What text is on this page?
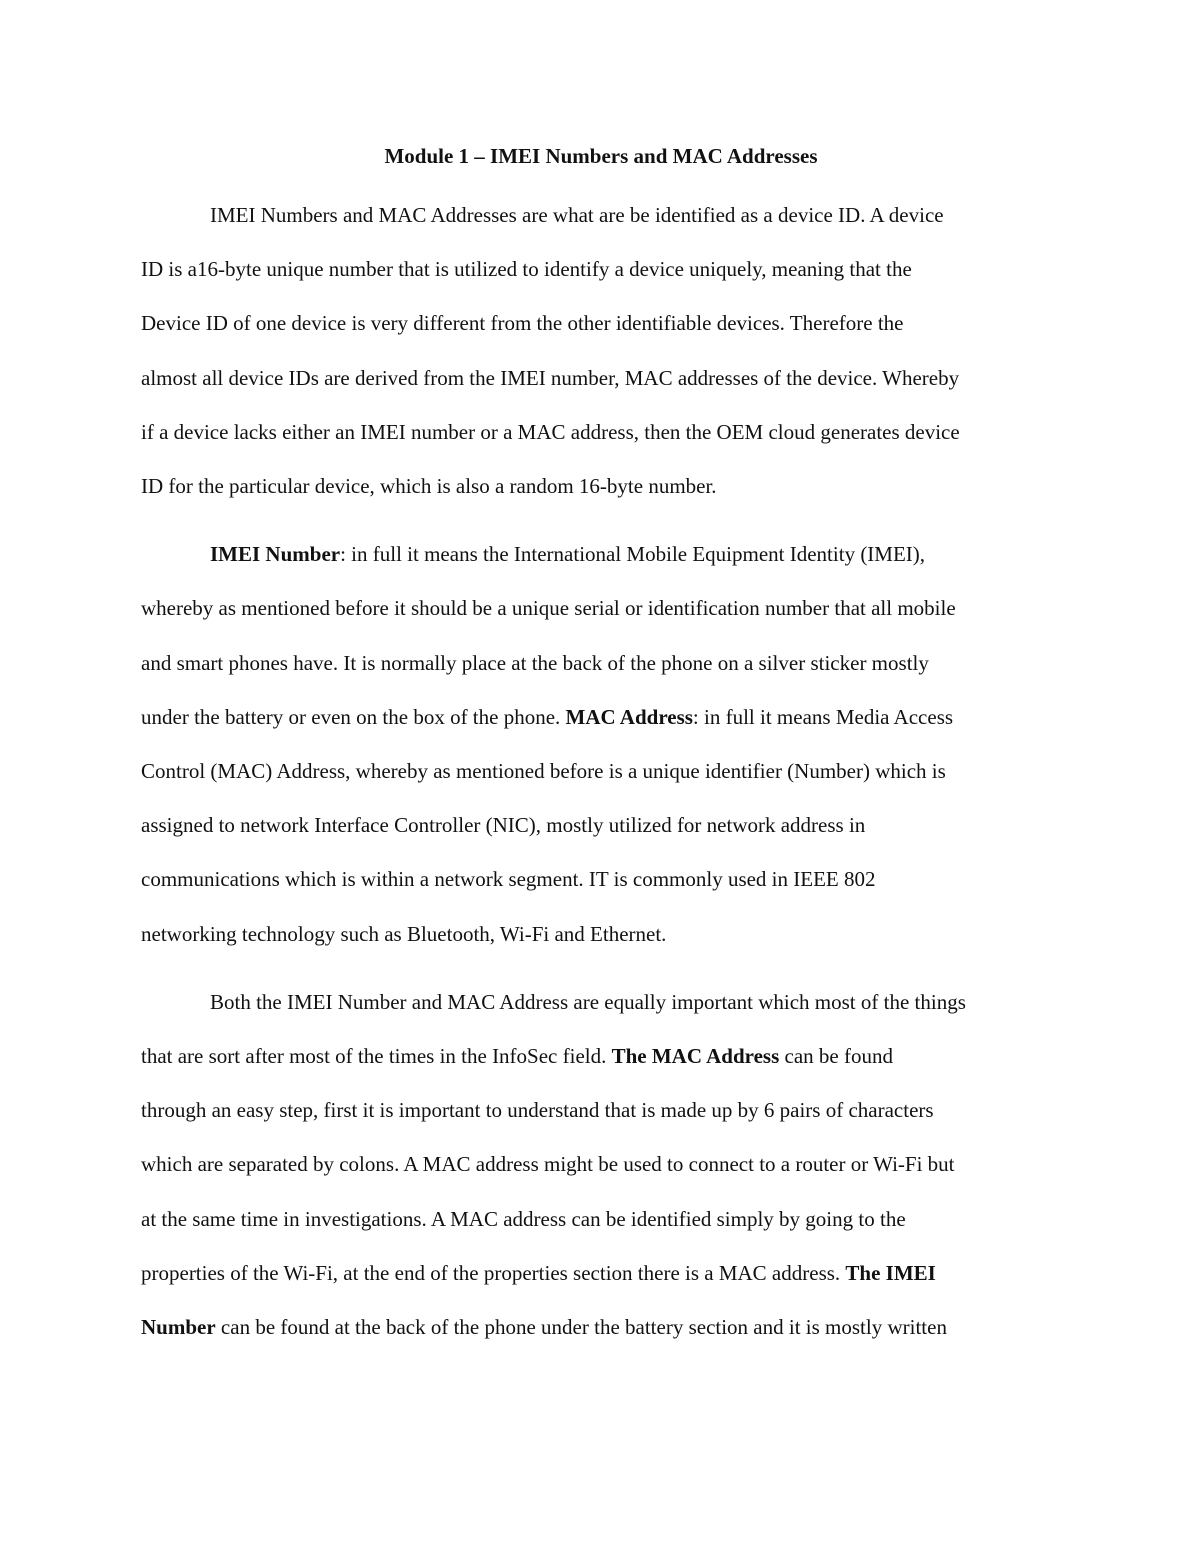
Module 1 – IMEI Numbers and MAC Addresses
IMEI Numbers and MAC Addresses are what are be identified as a device ID. A device
ID is a16-byte unique number that is utilized to identify a device uniquely, meaning that the
Device ID of one device is very different from the other identifiable devices. Therefore the
almost all device IDs are derived from the IMEI number, MAC addresses of the device. Whereby
if a device lacks either an IMEI number or a MAC address, then the OEM cloud generates device
ID for the particular device, which is also a random 16-byte number.
IMEI Number: in full it means the International Mobile Equipment Identity (IMEI),
whereby as mentioned before it should be a unique serial or identification number that all mobile
and smart phones have. It is normally place at the back of the phone on a silver sticker mostly
under the battery or even on the box of the phone. MAC Address: in full it means Media Access
Control (MAC) Address, whereby as mentioned before is a unique identifier (Number) which is
assigned to network Interface Controller (NIC), mostly utilized for network address in
communications which is within a network segment. IT is commonly used in IEEE 802
networking technology such as Bluetooth, Wi-Fi and Ethernet.
Both the IMEI Number and MAC Address are equally important which most of the things
that are sort after most of the times in the InfoSec field. The MAC Address can be found
through an easy step, first it is important to understand that is made up by 6 pairs of characters
which are separated by colons. A MAC address might be used to connect to a router or Wi-Fi but
at the same time in investigations. A MAC address can be identified simply by going to the
properties of the Wi-Fi, at the end of the properties section there is a MAC address. The IMEI
Number can be found at the back of the phone under the battery section and it is mostly written
